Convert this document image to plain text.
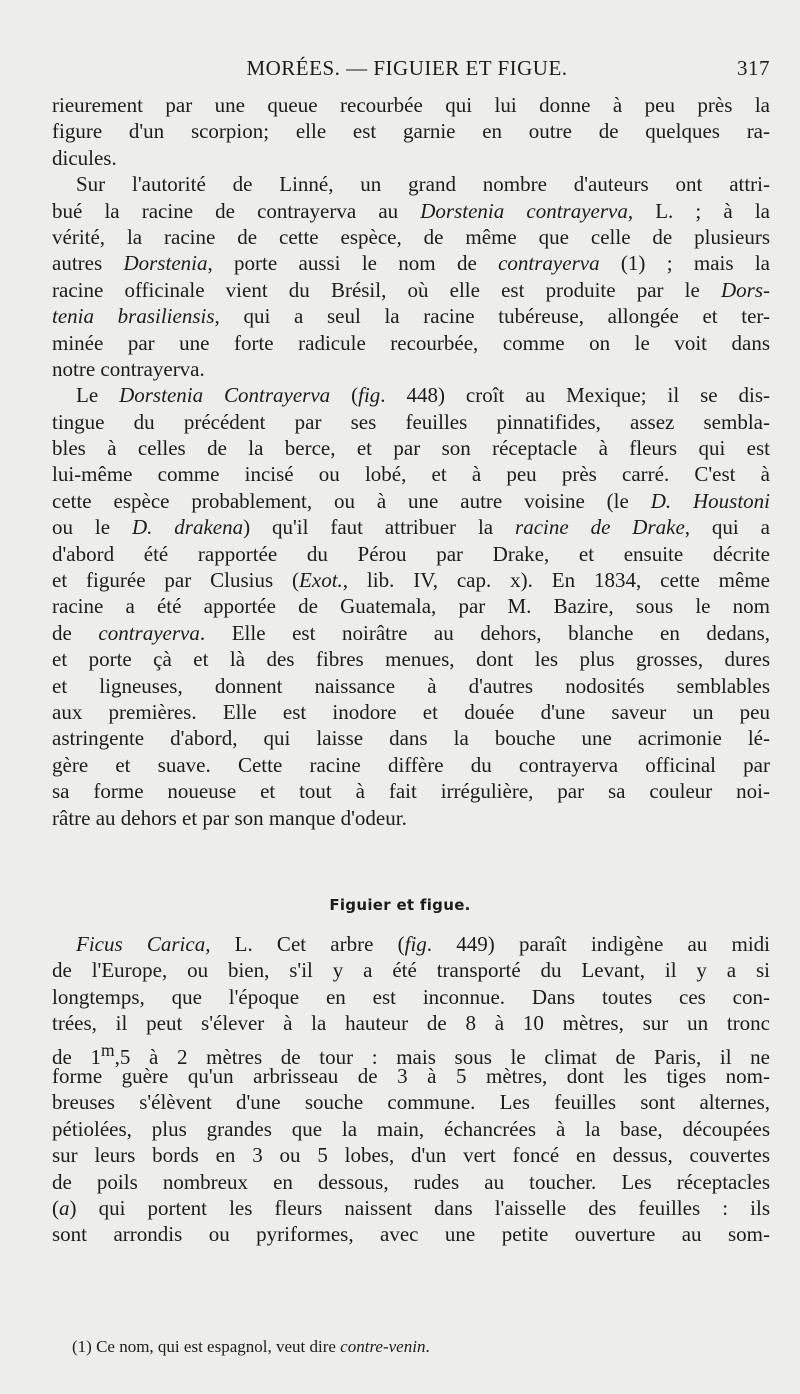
MORÉES. — FIGUIER ET FIGUE.	317
rieurement par une queue recourbée qui lui donne à peu près la
figure d'un scorpion; elle est garnie en outre de quelques ra-
dicules.
Sur l'autorité de Linné, un grand nombre d'auteurs ont attri-
bué la racine de contrayerva au Dorstenia contrayerva, L. ; à la
vérité, la racine de cette espèce, de même que celle de plusieurs
autres Dorstenia, porte aussi le nom de contrayerva (1) ; mais la
racine officinale vient du Brésil, où elle est produite par le Dors-
tenia brasiliensis, qui a seul la racine tubéreuse, allongée et ter-
minée par une forte radicule recourbée, comme on le voit dans
notre contrayerva.
Le Dorstenia Contrayerva (fig. 448) croît au Mexique; il se dis-
tingue du précédent par ses feuilles pinnatifides, assez sembla-
bles à celles de la berce, et par son réceptacle à fleurs qui est
lui-même comme incisé ou lobé, et à peu près carré. C'est à
cette espèce probablement, ou à une autre voisine (le D. Houstoni
ou le D. drakena) qu'il faut attribuer la racine de Drake, qui a
d'abord été rapportée du Pérou par Drake, et ensuite décrite
et figurée par Clusius (Exot., lib. IV, cap. x). En 1834, cette même
racine a été apportée de Guatemala, par M. Bazire, sous le nom
de contrayerva. Elle est noirâtre au dehors, blanche en dedans,
et porte çà et là des fibres menues, dont les plus grosses, dures
et ligneuses, donnent naissance à d'autres nodosités semblables
aux premières. Elle est inodore et douée d'une saveur un peu
astringente d'abord, qui laisse dans la bouche une acrimonie lé-
gère et suave. Cette racine diffère du contrayerva officinal par
sa forme noueuse et tout à fait irrégulière, par sa couleur noi-
râtre au dehors et par son manque d'odeur.
Figuier et figue.
Ficus Carica, L. Cet arbre (fig. 449) paraît indigène au midi
de l'Europe, ou bien, s'il y a été transporté du Levant, il y a si
longtemps, que l'époque en est inconnue. Dans toutes ces con-
trées, il peut s'élever à la hauteur de 8 à 10 mètres, sur un tronc
de 1$^m$,5 à 2 mètres de tour : mais sous le climat de Paris, il ne
forme guère qu'un arbrisseau de 3 à 5 mètres, dont les tiges nom-
breuses s'élèvent d'une souche commune. Les feuilles sont alternes,
pétiolées, plus grandes que la main, échancrées à la base, découpées
sur leurs bords en 3 ou 5 lobes, d'un vert foncé en dessus, couvertes
de poils nombreux en dessous, rudes au toucher. Les réceptacles
(a) qui portent les fleurs naissent dans l'aisselle des feuilles : ils
sont arrondis ou pyriformes, avec une petite ouverture au som-
(1) Ce nom, qui est espagnol, veut dire contre-venin.
